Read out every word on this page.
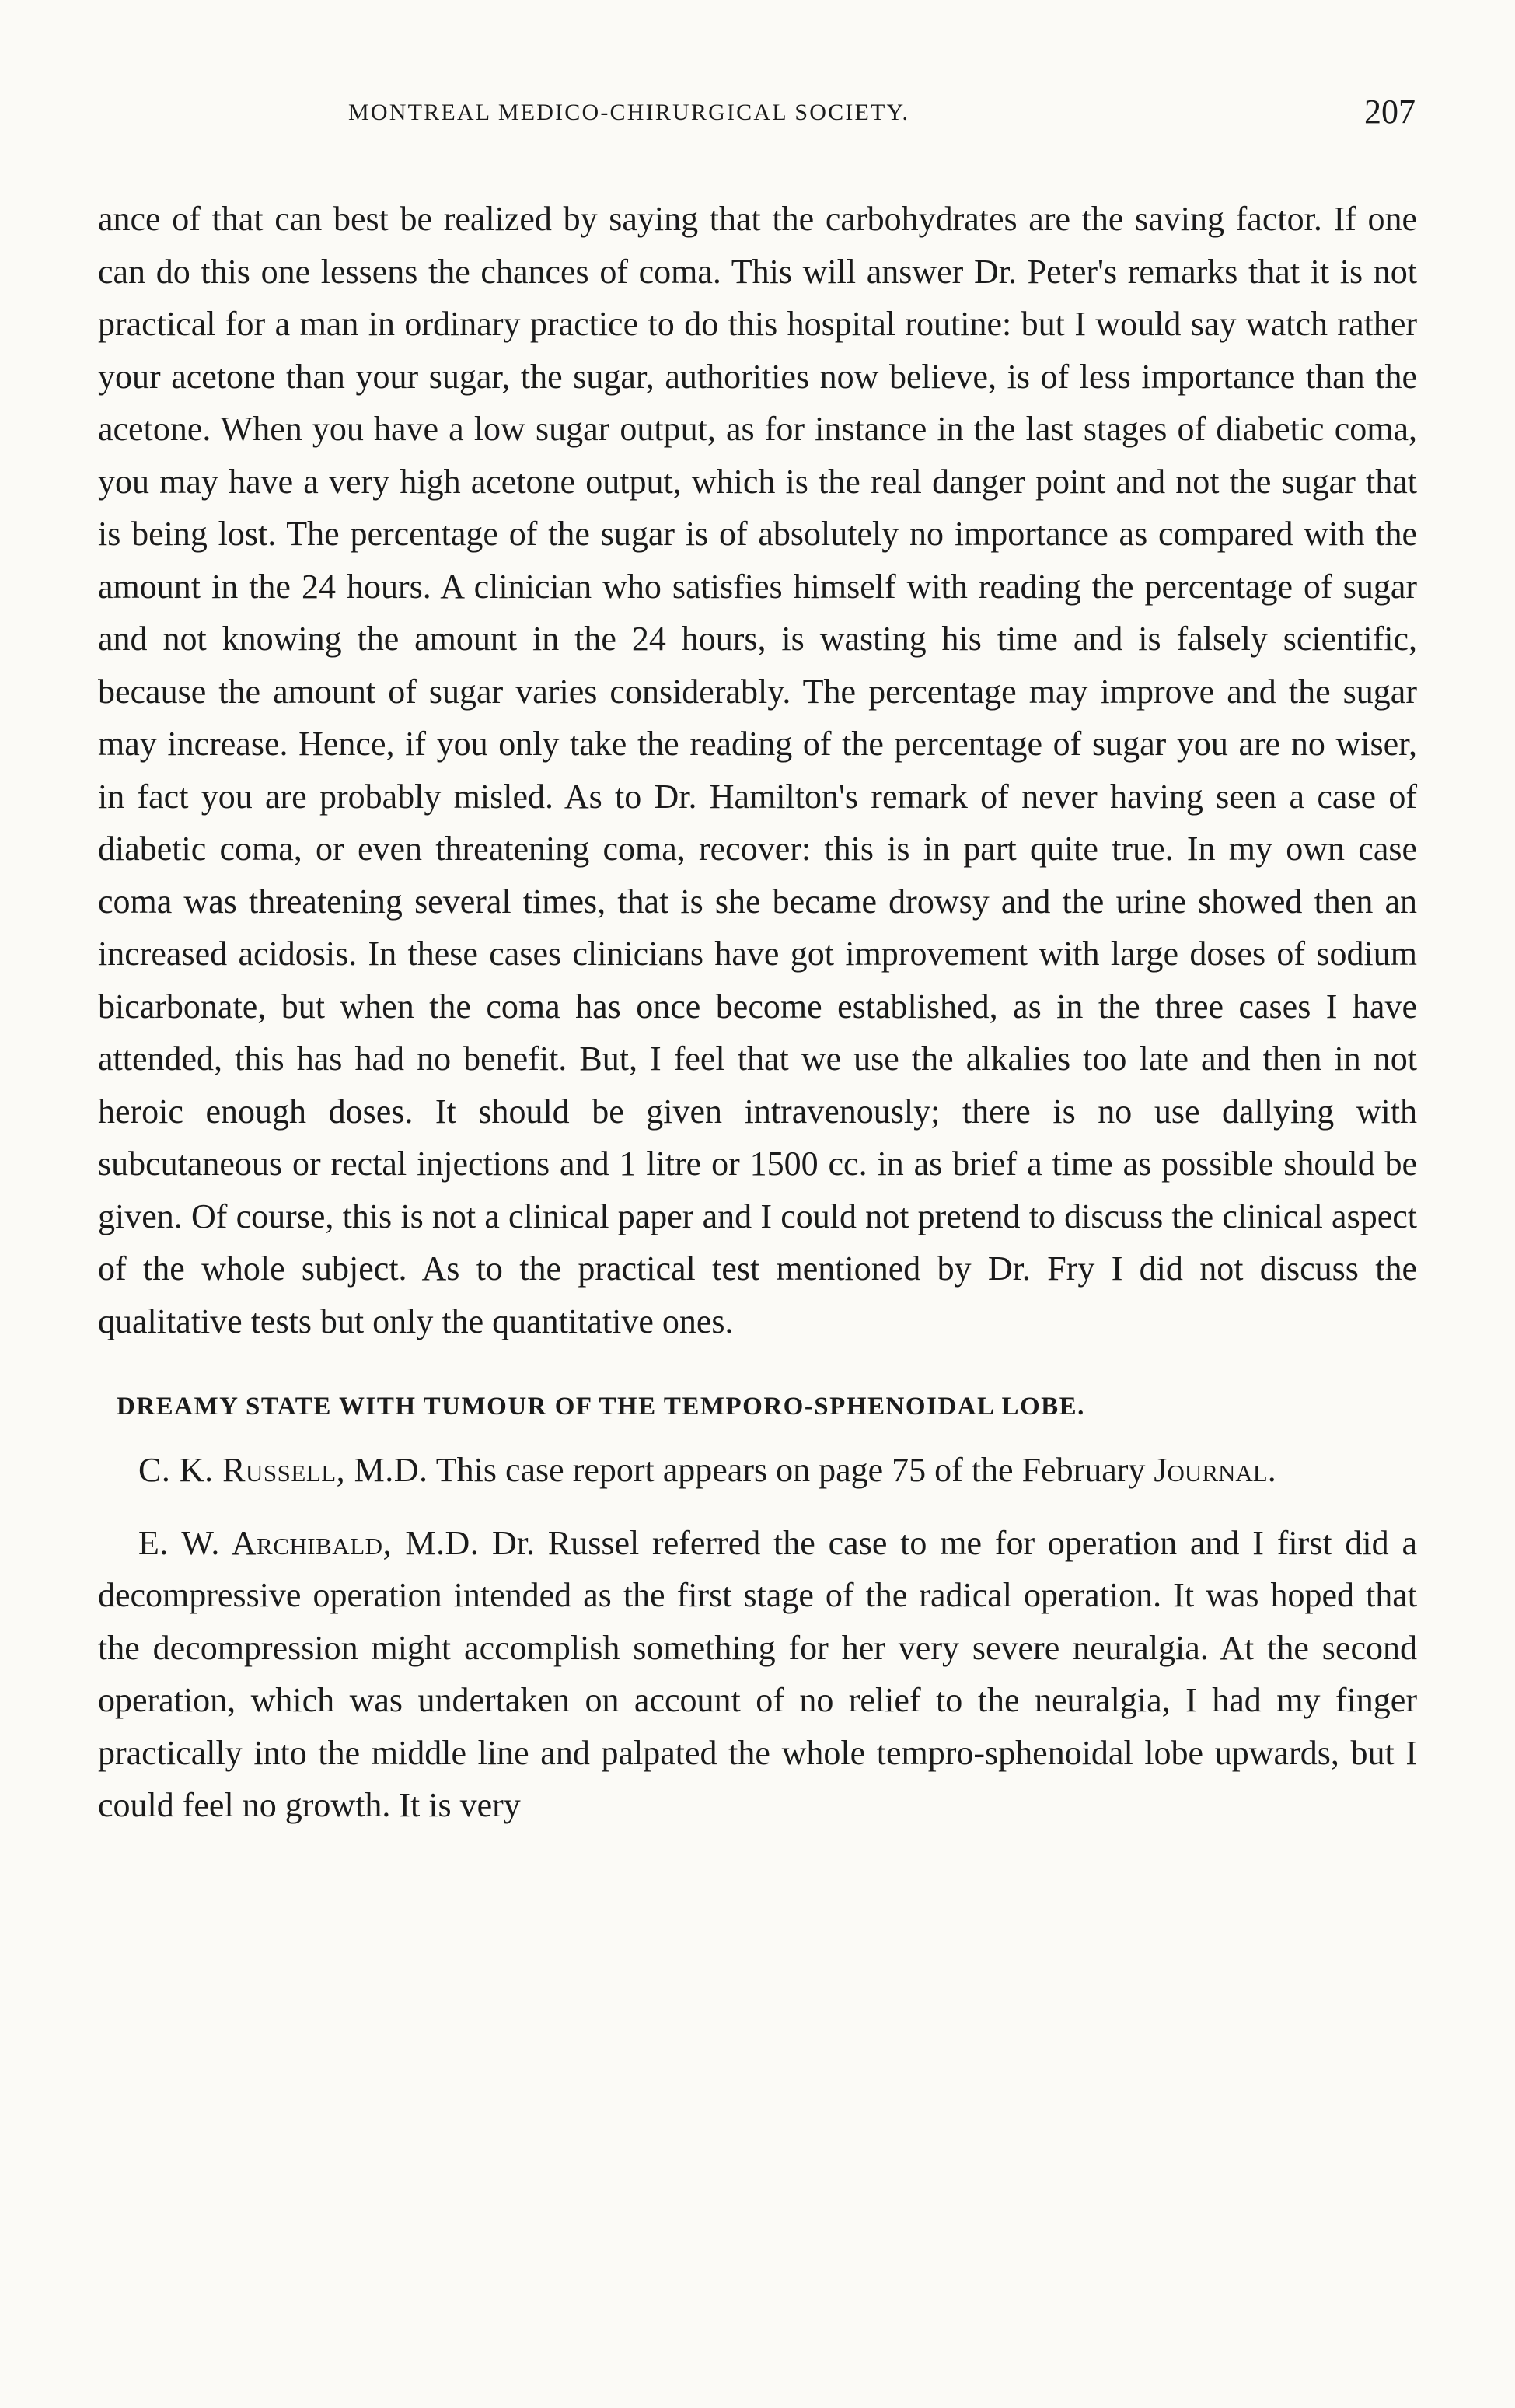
MONTREAL MEDICO-CHIRURGICAL SOCIETY.	207

ance of that can best be realized by saying that the carbohydrates are the saving factor. If one can do this one lessens the chances of coma. This will answer Dr. Peter's remarks that it is not practical for a man in ordinary practice to do this hospital routine: but I would say watch rather your acetone than your sugar, the sugar, authorities now believe, is of less importance than the acetone. When you have a low sugar output, as for instance in the last stages of diabetic coma, you may have a very high acetone output, which is the real danger point and not the sugar that is being lost. The percentage of the sugar is of absolutely no importance as compared with the amount in the 24 hours. A clinician who satisfies himself with reading the percentage of sugar and not knowing the amount in the 24 hours, is wasting his time and is falsely scientific, because the amount of sugar varies considerably. The percentage may improve and the sugar may increase. Hence, if you only take the reading of the percentage of sugar you are no wiser, in fact you are probably misled. As to Dr. Hamilton's remark of never having seen a case of diabetic coma, or even threatening coma, recover: this is in part quite true. In my own case coma was threatening several times, that is she became drowsy and the urine showed then an increased acidosis. In these cases clinicians have got improvement with large doses of sodium bicarbonate, but when the coma has once become established, as in the three cases I have attended, this has had no benefit. But, I feel that we use the alkalies too late and then in not heroic enough doses. It should be given intravenously; there is no use dallying with subcutaneous or rectal injections and 1 litre or 1500 cc. in as brief a time as possible should be given. Of course, this is not a clinical paper and I could not pretend to discuss the clinical aspect of the whole subject. As to the practical test mentioned by Dr. Fry I did not discuss the qualitative tests but only the quantitative ones.

DREAMY STATE WITH TUMOUR OF THE TEMPORO-SPHENOIDAL LOBE.

C. K. Russell, M.D. This case report appears on page 75 of the February Journal.

E. W. Archibald, M.D. Dr. Russel referred the case to me for operation and I first did a decompressive operation intended as the first stage of the radical operation. It was hoped that the decompression might accomplish something for her very severe neuralgia. At the second operation, which was undertaken on account of no relief to the neuralgia, I had my finger practically into the middle line and palpated the whole tempro-sphenoidal lobe upwards, but I could feel no growth. It is very
